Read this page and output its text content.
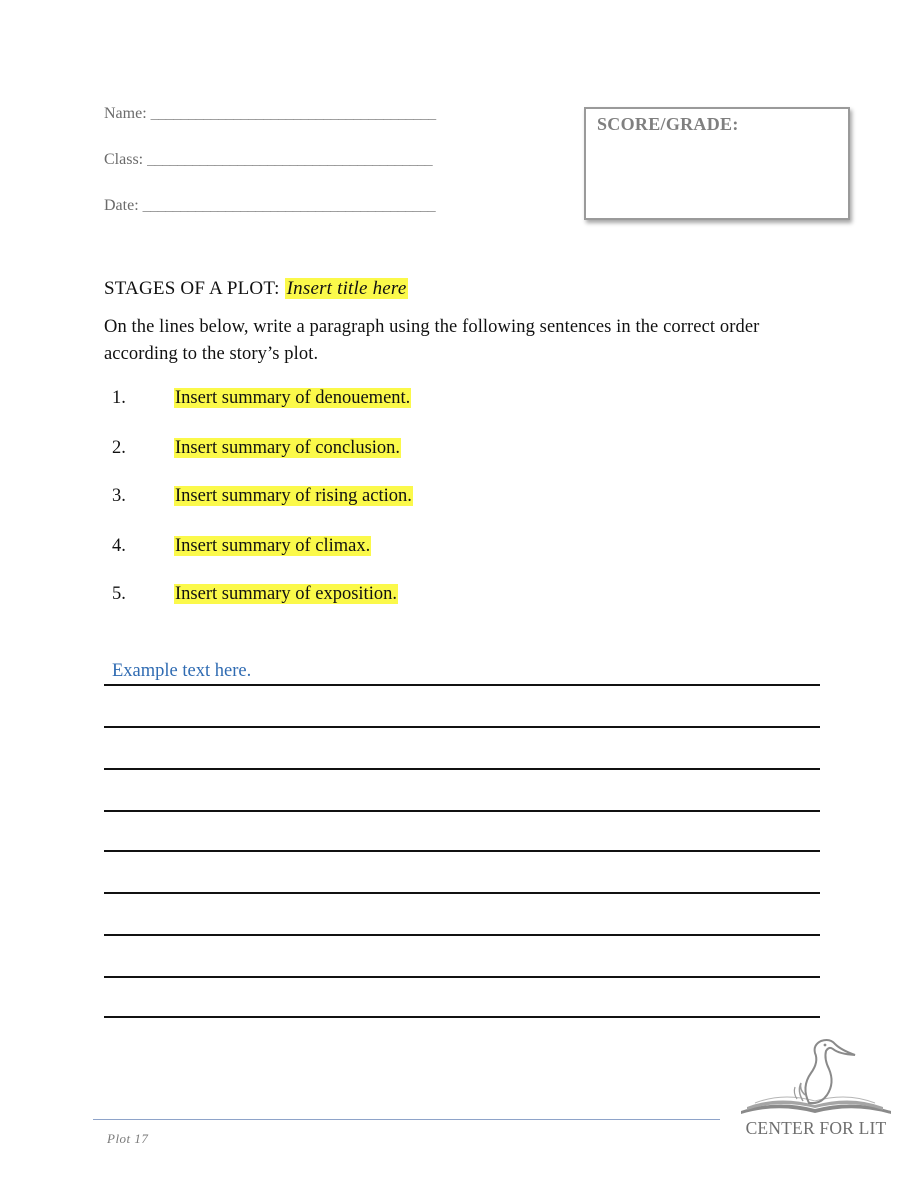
Name: ______________________________________
Class: ______________________________________
Date: _______________________________________
SCORE/GRADE:
STAGES OF A PLOT: Insert title here
On the lines below, write a paragraph using the following sentences in the correct order according to the story’s plot.
1.	Insert summary of denouement.
2.	Insert summary of conclusion.
3.	Insert summary of rising action.
4.	Insert summary of climax.
5.	Insert summary of exposition.
Example text here.
Plot 17
CENTER FOR LIT
